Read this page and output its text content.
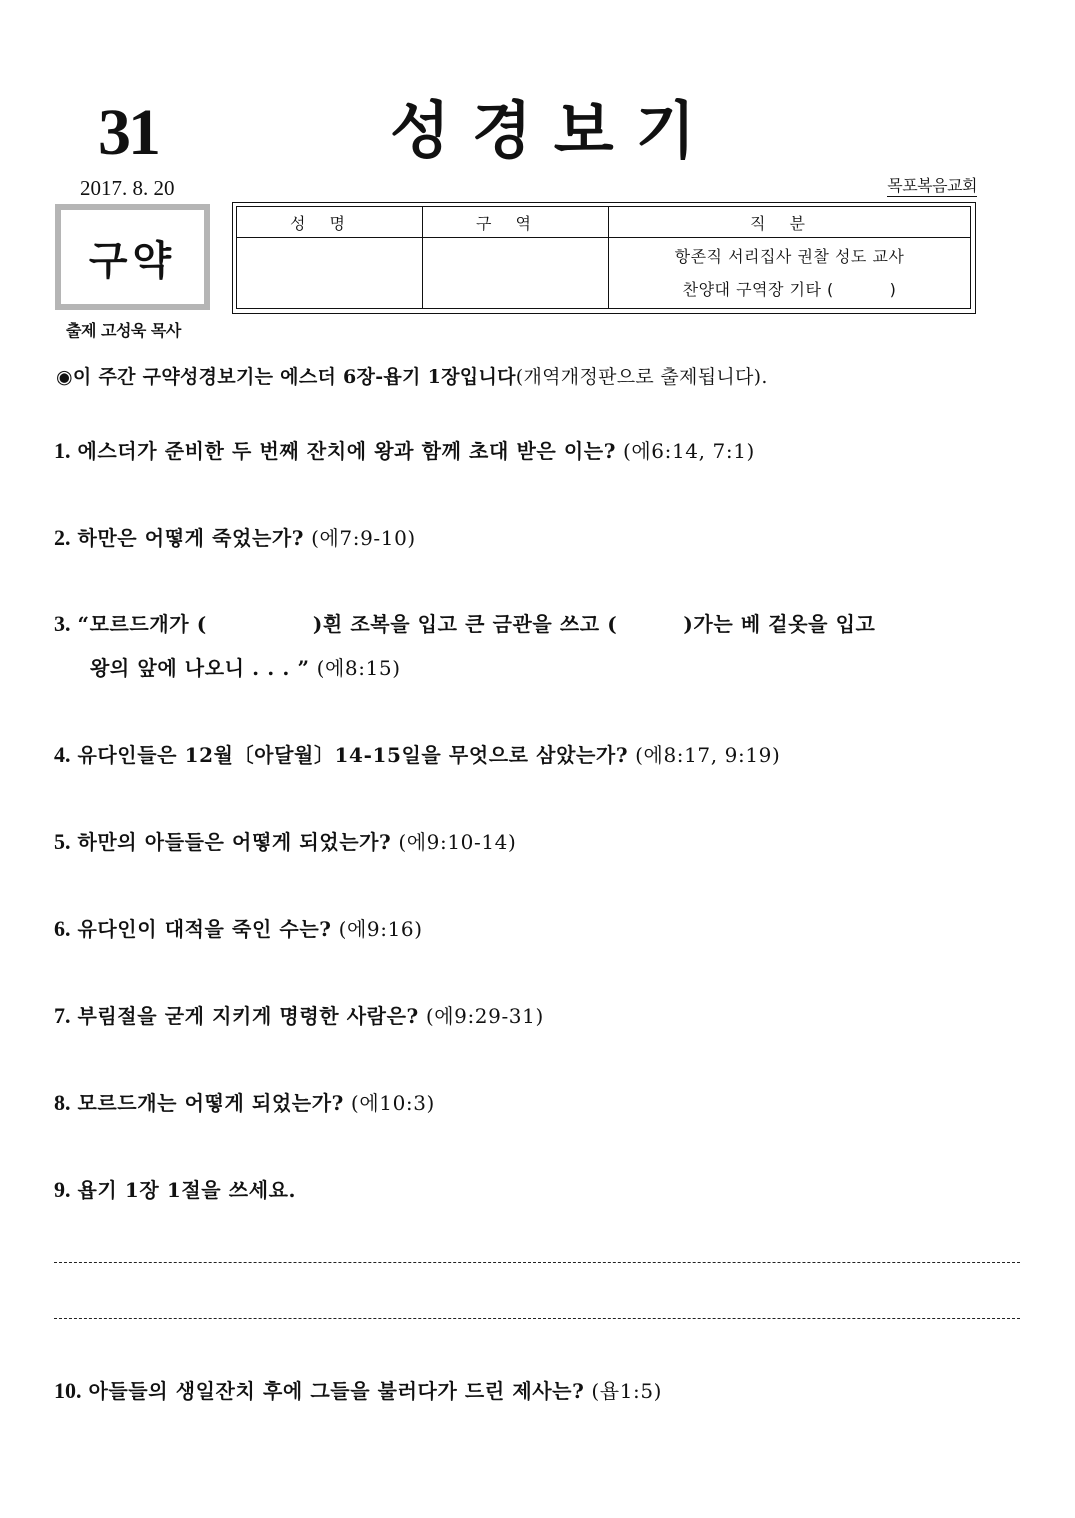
31	성경보기
2017. 8. 20	목포복음교회
구약
출제 고성욱 목사
성명	구역	직분

		항존직 서리집사 권찰 성도 교사
찬양대 구역장 기타 (          )
◉이 주간 구약성경보기는 에스더 6장-욥기 1장입니다(개역개정판으로 출제됩니다).
1. 에스더가 준비한 두 번째 잔치에 왕과 함께 초대 받은 이는? (에6:14, 7:1)
2. 하만은 어떻게 죽었는가? (에7:9-10)
3. “모르드개가 (	)흰 조복을 입고 큰 금관을 쓰고 (	)가는 베 겉옷을 입고
왕의 앞에 나오니 . . . ” (에8:15)
4. 유다인들은 12월〔아달월〕14-15일을 무엇으로 삼았는가? (에8:17, 9:19)
5. 하만의 아들들은 어떻게 되었는가? (에9:10-14)
6. 유다인이 대적을 죽인 수는? (에9:16)
7. 부림절을 굳게 지키게 명령한 사람은? (에9:29-31)
8. 모르드개는 어떻게 되었는가? (에10:3)
9. 욥기 1장 1절을 쓰세요.
10. 아들들의 생일잔치 후에 그들을 불러다가 드린 제사는? (욥1:5)
